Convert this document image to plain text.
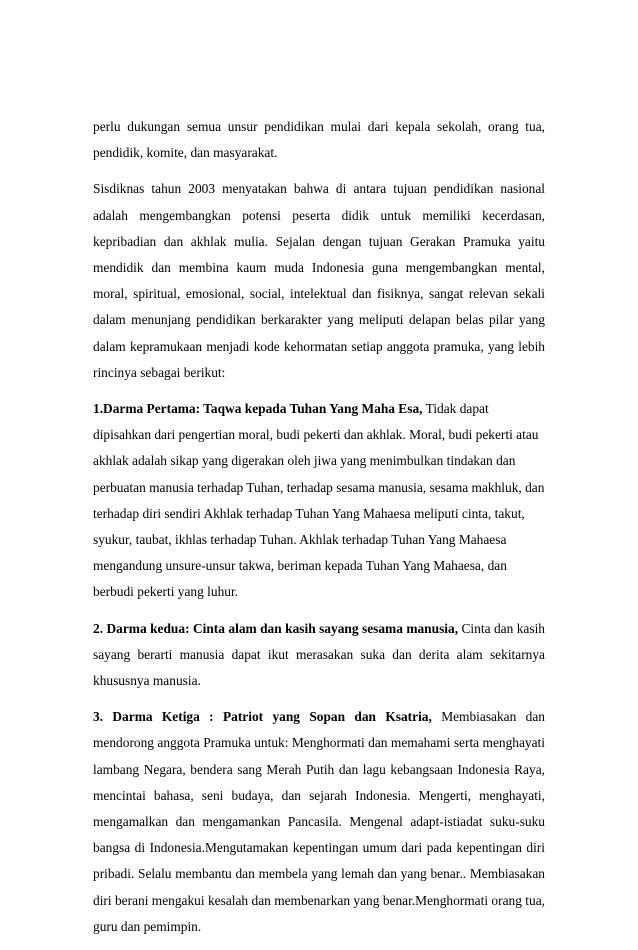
perlu dukungan semua unsur pendidikan mulai dari kepala sekolah, orang tua, pendidik, komite, dan masyarakat.

Sisdiknas tahun 2003 menyatakan bahwa di antara tujuan pendidikan nasional adalah mengembangkan potensi peserta didik untuk memiliki kecerdasan, kepribadian dan akhlak mulia. Sejalan dengan tujuan Gerakan Pramuka yaitu mendidik dan membina kaum muda Indonesia guna mengembangkan mental, moral, spiritual, emosional, social, intelektual dan fisiknya, sangat relevan sekali dalam menunjang pendidikan berkarakter yang meliputi delapan belas pilar yang dalam kepramukaan menjadi kode kehormatan setiap anggota pramuka, yang lebih rincinya sebagai berikut:

1.Darma Pertama: Taqwa kepada Tuhan Yang Maha Esa, Tidak dapat dipisahkan dari pengertian moral, budi pekerti dan akhlak. Moral, budi pekerti atau akhlak adalah sikap yang digerakan oleh jiwa yang menimbulkan tindakan dan perbuatan manusia terhadap Tuhan, terhadap sesama manusia, sesama makhluk, dan terhadap diri sendiri Akhlak terhadap Tuhan Yang Mahaesa meliputi cinta, takut, syukur, taubat, ikhlas terhadap Tuhan. Akhlak terhadap Tuhan Yang Mahaesa mengandung unsure-unsur takwa, beriman kepada Tuhan Yang Mahaesa, dan berbudi pekerti yang luhur.

2. Darma kedua: Cinta alam dan kasih sayang sesama manusia, Cinta dan kasih sayang berarti manusia dapat ikut merasakan suka dan derita alam sekitarnya khususnya manusia.

3. Darma Ketiga : Patriot yang Sopan dan Ksatria, Membiasakan dan mendorong anggota Pramuka untuk: Menghormati dan memahami serta menghayati lambang Negara, bendera sang Merah Putih dan lagu kebangsaan Indonesia Raya, mencintai bahasa, seni budaya, dan sejarah Indonesia. Mengerti, menghayati, mengamalkan dan mengamankan Pancasila. Mengenal adapt-istiadat suku-suku bangsa di Indonesia.Mengutamakan kepentingan umum dari pada kepentingan diri pribadi. Selalu membantu dan membela yang lemah dan yang benar.. Membiasakan diri berani mengakui kesalah dan membenarkan yang benar.Menghormati orang tua, guru dan pemimpin.
